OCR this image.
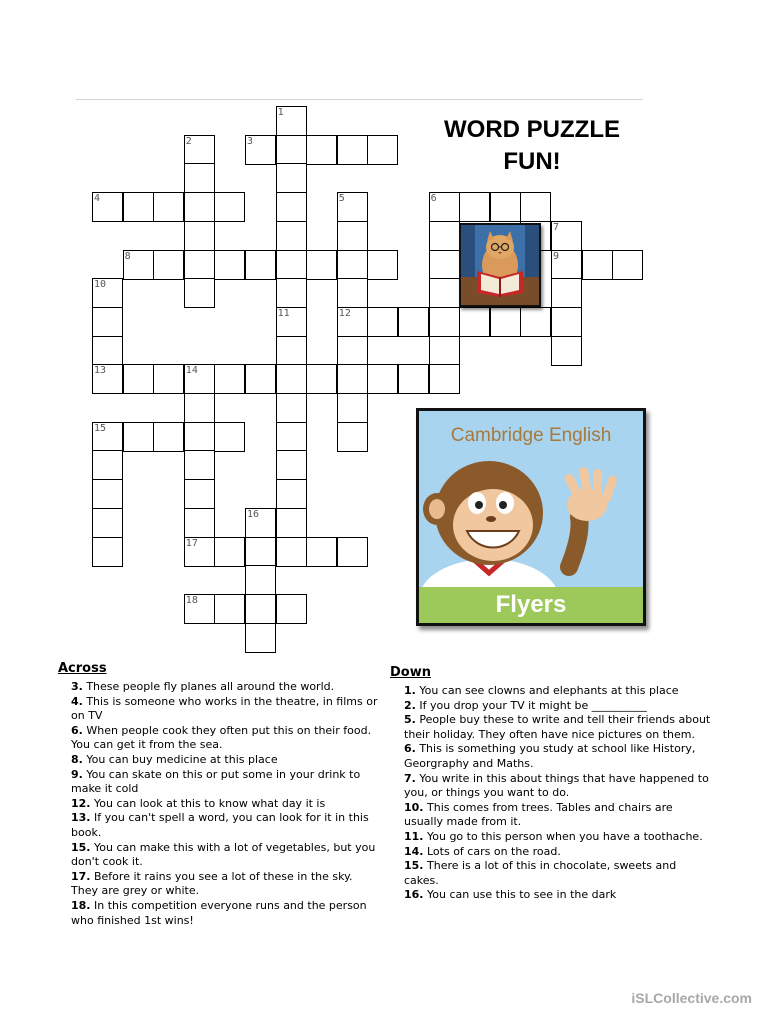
1
2	3
4	5	6
7
8	9
10
11	12
13	14
15
16
17
18
WORD PUZZLE
FUN!
Cambridge English
Flyers
Across
3. These people fly planes all around the world.
4. This is someone who works in the theatre, in films or on TV
6. When people cook they often put this on their food. You can get it from the sea.
8. You can buy medicine at this place
9. You can skate on this or put some in your drink to make it cold
12. You can look at this to know what day it is
13. If you can't spell a word, you can look for it in this book.
15. You can make this with a lot of vegetables, but you don't cook it.
17. Before it rains you see a lot of these in the sky. They are grey or white.
18. In this competition everyone runs and the person who finished 1st wins!
Down
1. You can see clowns and elephants at this place
2. If you drop your TV it might be __________
5. People buy these to write and tell their friends about their holiday. They often have nice pictures on them.
6. This is something you study at school like History, Georgraphy and Maths.
7. You write in this about things that have happened to you, or things you want to do.
10. This comes from trees. Tables and chairs are usually made from it.
11. You go to this person when you have a toothache.
14. Lots of cars on the road.
15. There is a lot of this in chocolate, sweets and cakes.
16. You can use this to see in the dark
iSLCollective.com
